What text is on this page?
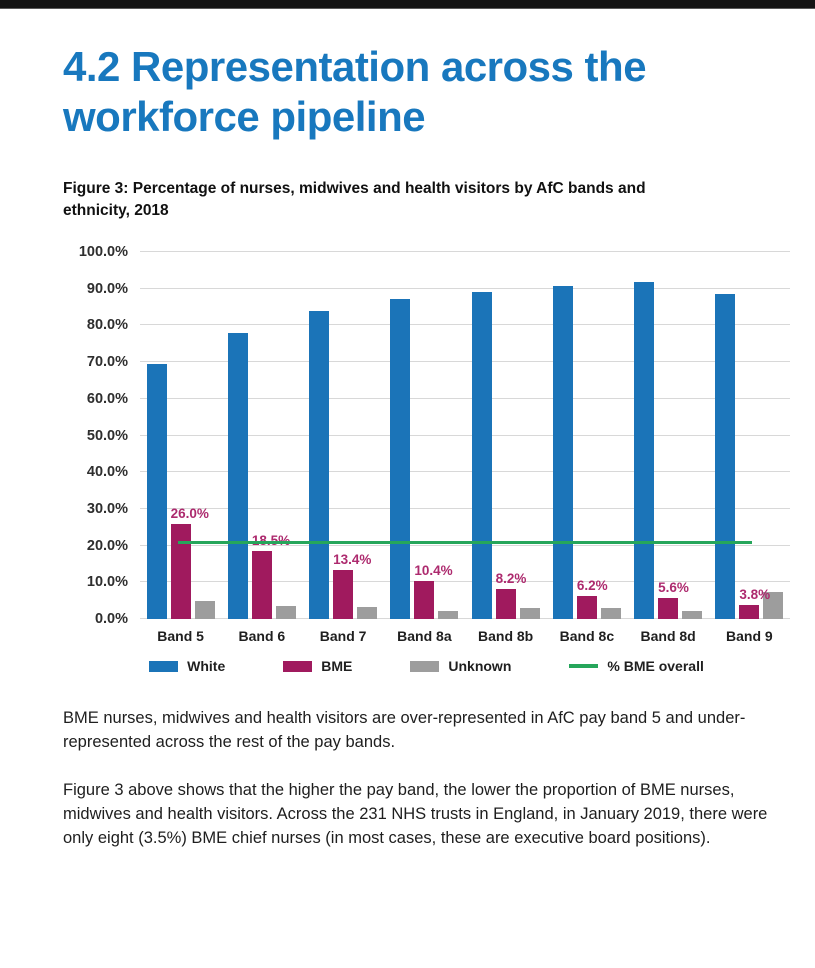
4.2 Representation across the
workforce pipeline
Figure 3: Percentage of nurses, midwives and health visitors by AfC bands and
ethnicity, 2018
100.0%
90.0%
80.0%
70.0%
60.0%
50.0%
40.0%
30.0%
20.0%
10.0%
0.0%
26.0%
13.4%
10.4%
8.2%	6.2%	5.6%	3.8%
Band 5	Band 6	Band 7	Band 8a	Band 8b	Band 8c	Band 8d	Band 9
White	BME	Unknown	% BME overall

BME nurses, midwives and health visitors are over-represented in AfC pay band 5 and under-represented across the rest of the pay bands.

Figure 3 above shows that the higher the pay band, the lower the proportion of BME nurses, midwives and health visitors. Across the 231 NHS trusts in England, in January 2019, there were only eight (3.5%) BME chief nurses (in most cases, these are executive board positions).
